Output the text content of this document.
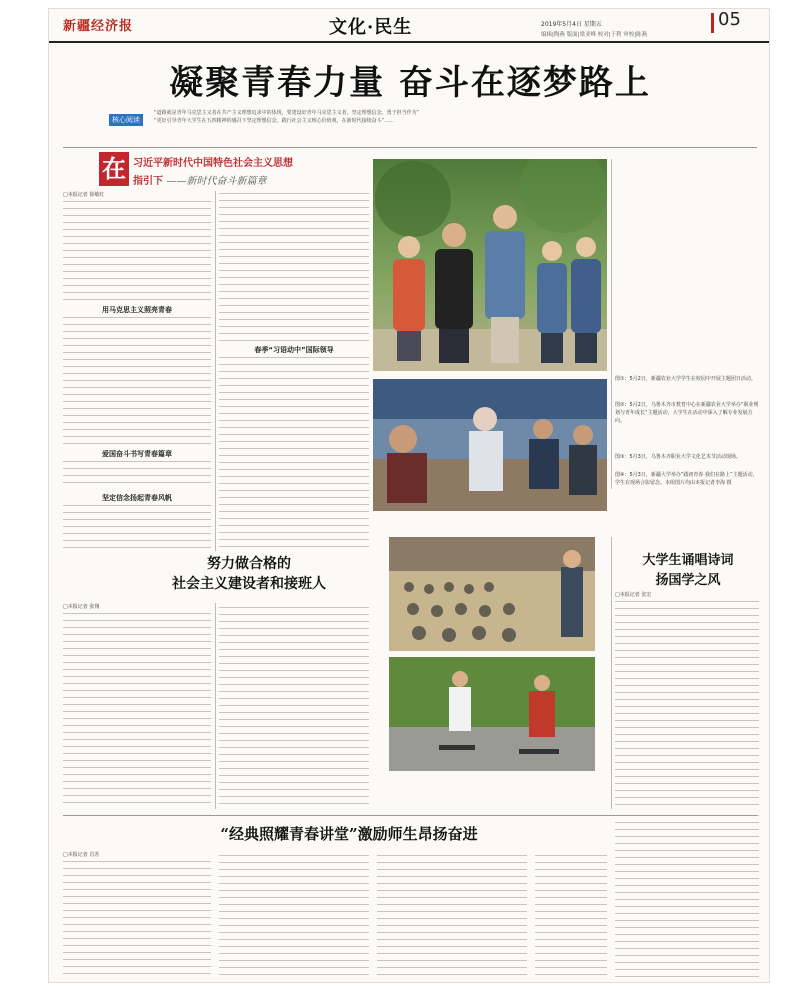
新疆经济报	文化·民生	2019年5月4日 星期五
编辑|陶燕 版面|梁亚峰 校对|于利 审校|陈燕
05
凝聚青春力量 奋斗在逐梦路上
核心阅读
“道路就是青年马克思主义者在共产主义理想追求中的体现，要建设好青年马克思主义者，坚定理想信念，勇于担当作为”
“更好引导青年大学生在五四精神的感召下坚定理想信念，践行社会主义核心价值观，在新时代接续奋斗”……
在 习近平新时代中国特色社会主义思想
指引下 ——新时代奋斗新篇章
□本报记者 徐敏红
用马克思主义照亮青春
爱国奋斗书写青春篇章
坚定信念扬起青春风帆
春季“习语动中”国际领导
图①：5月2日，新疆农业大学学生在校园中开展主题团日活动。
图②：5月2日，乌鲁木齐市教育中心在新疆农业大学举办“职业规划与青年成长”主题活动，大学生在活动中深入了解专业发展方向。
图③：5月3日，乌鲁木齐职业大学文化艺术节活动现场。
图④：5月3日，新疆大学举办“践初青春 我们在路上”主题活动，学生在现场合影留念。本组图片均由本报记者李海 摄
努力做合格的
社会主义建设者和接班人
□本报记者 张翔
大学生诵唱诗词
扬国学之风
□本报记者 张宏
“经典照耀青春讲堂”激励师生昂扬奋进
□本报记者 肖苏
